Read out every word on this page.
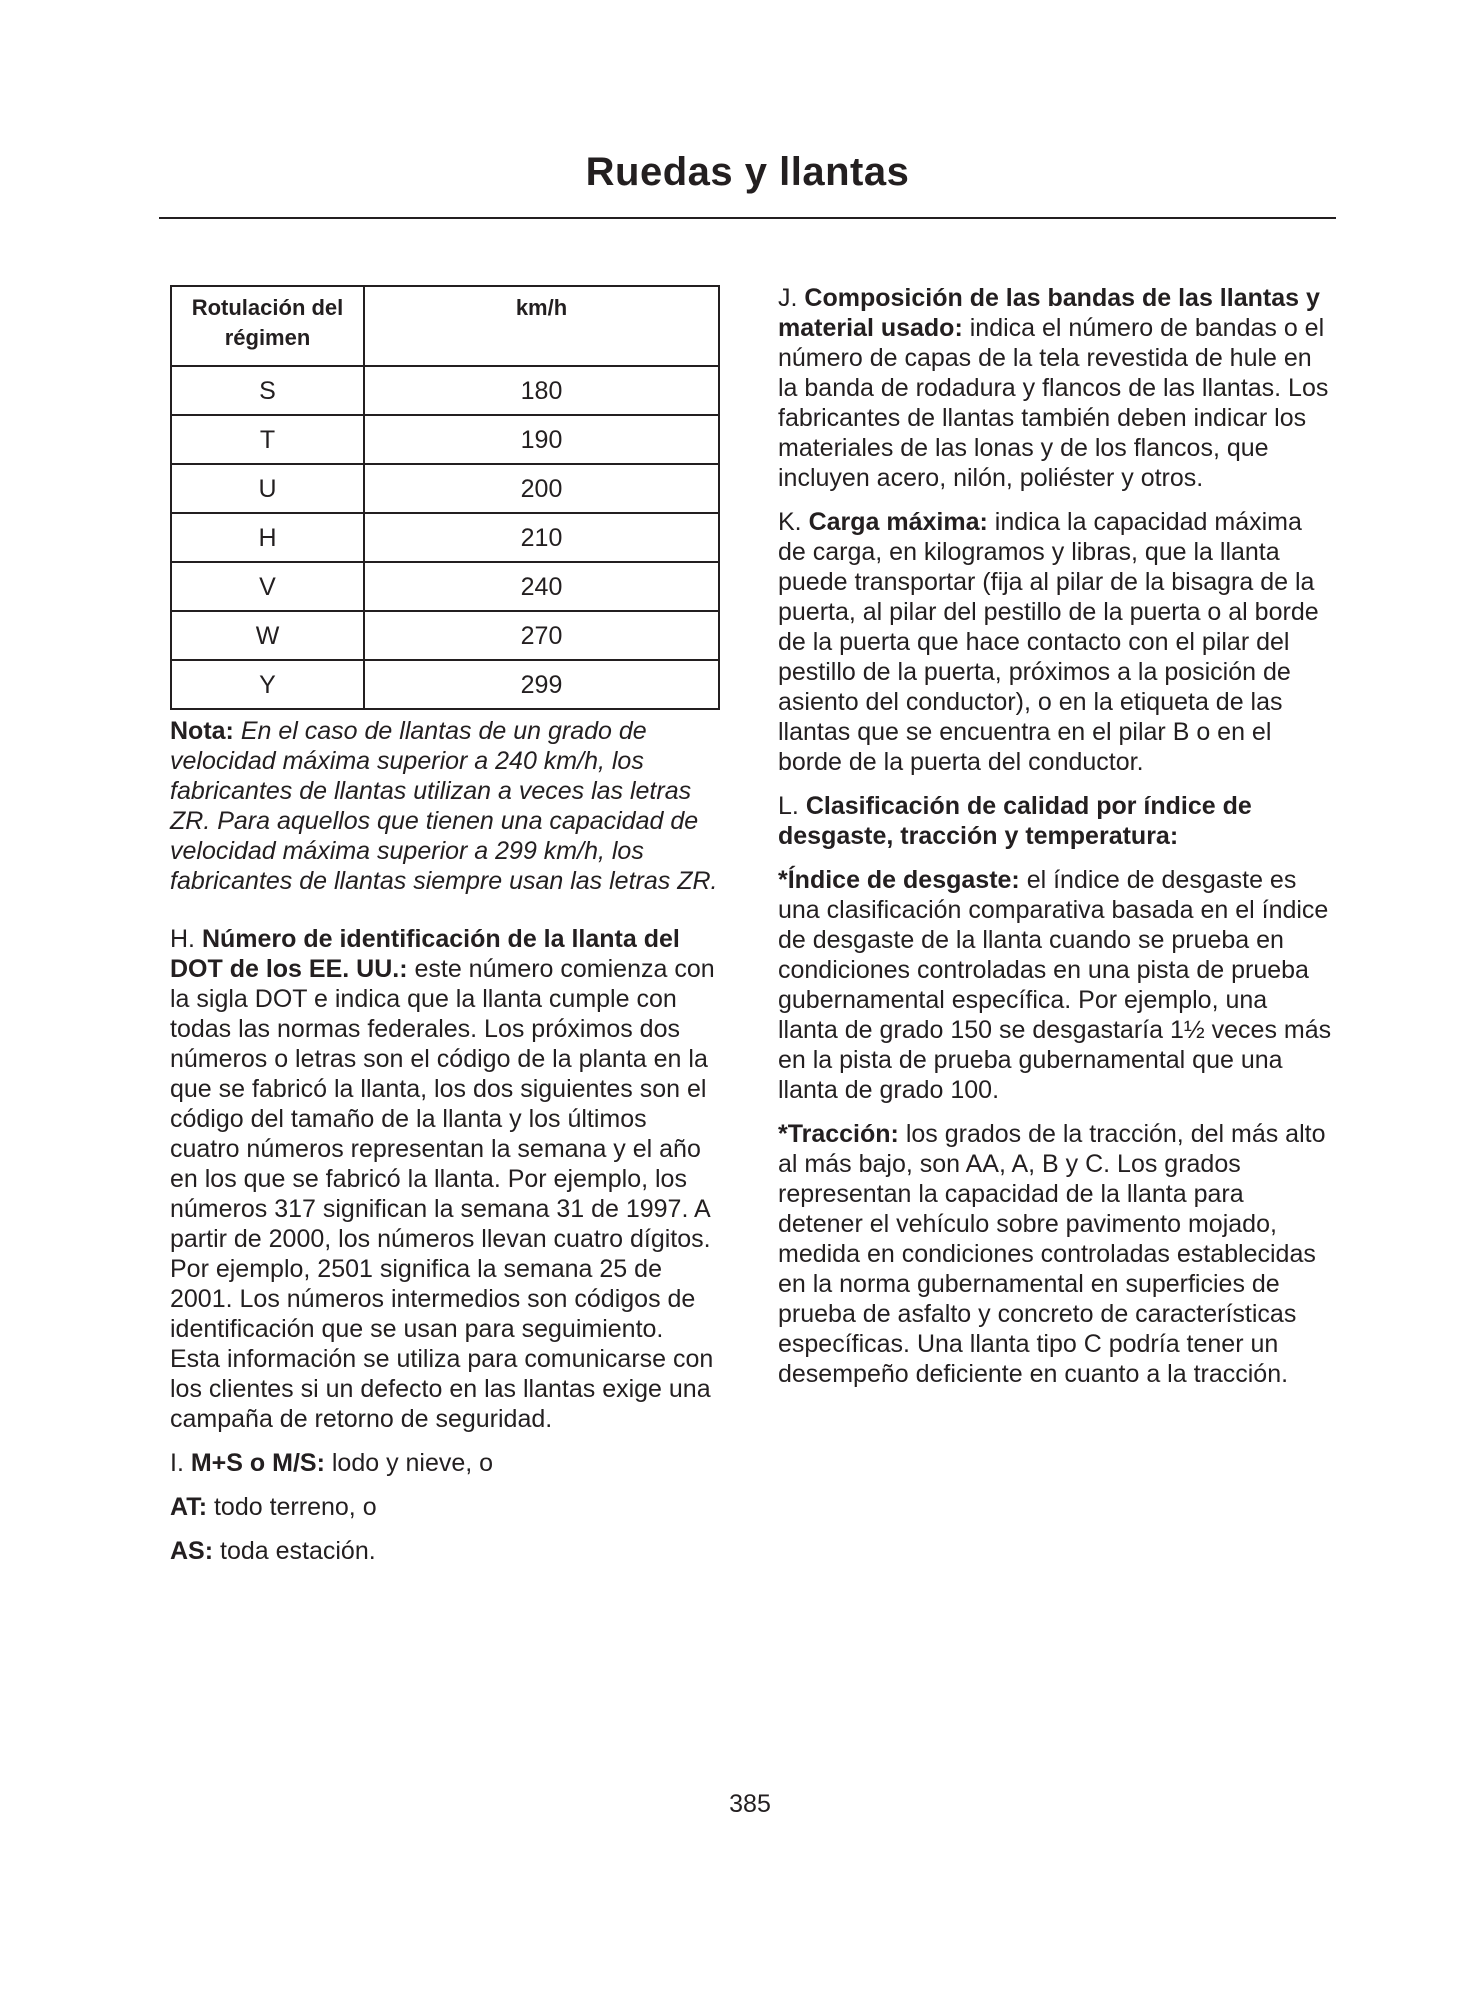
Ruedas y llantas
Rotulación del régimen	km/h
S	180
T	190
U	200
H	210
V	240
W	270
Y	299

Nota: En el caso de llantas de un grado de velocidad máxima superior a 240 km/h, los fabricantes de llantas utilizan a veces las letras ZR. Para aquellos que tienen una capacidad de velocidad máxima superior a 299 km/h, los fabricantes de llantas siempre usan las letras ZR.

H. Número de identificación de la llanta del DOT de los EE. UU.: este número comienza con la sigla DOT e indica que la llanta cumple con todas las normas federales. Los próximos dos números o letras son el código de la planta en la que se fabricó la llanta, los dos siguientes son el código del tamaño de la llanta y los últimos cuatro números representan la semana y el año en los que se fabricó la llanta. Por ejemplo, los números 317 significan la semana 31 de 1997. A partir de 2000, los números llevan cuatro dígitos. Por ejemplo, 2501 significa la semana 25 de 2001. Los números intermedios son códigos de identificación que se usan para seguimiento. Esta información se utiliza para comunicarse con los clientes si un defecto en las llantas exige una campaña de retorno de seguridad.

I. M+S o M/S: lodo y nieve, o

AT: todo terreno, o

AS: toda estación.

J. Composición de las bandas de las llantas y material usado: indica el número de bandas o el número de capas de la tela revestida de hule en la banda de rodadura y flancos de las llantas. Los fabricantes de llantas también deben indicar los materiales de las lonas y de los flancos, que incluyen acero, nilón, poliéster y otros.

K. Carga máxima: indica la capacidad máxima de carga, en kilogramos y libras, que la llanta puede transportar (fija al pilar de la bisagra de la puerta, al pilar del pestillo de la puerta o al borde de la puerta que hace contacto con el pilar del pestillo de la puerta, próximos a la posición de asiento del conductor), o en la etiqueta de las llantas que se encuentra en el pilar B o en el borde de la puerta del conductor.

L. Clasificación de calidad por índice de desgaste, tracción y temperatura:

*Índice de desgaste: el índice de desgaste es una clasificación comparativa basada en el índice de desgaste de la llanta cuando se prueba en condiciones controladas en una pista de prueba gubernamental específica. Por ejemplo, una llanta de grado 150 se desgastaría 1½ veces más en la pista de prueba gubernamental que una llanta de grado 100.

*Tracción: los grados de la tracción, del más alto al más bajo, son AA, A, B y C. Los grados representan la capacidad de la llanta para detener el vehículo sobre pavimento mojado, medida en condiciones controladas establecidas en la norma gubernamental en superficies de prueba de asfalto y concreto de características específicas. Una llanta tipo C podría tener un desempeño deficiente en cuanto a la tracción.

385
